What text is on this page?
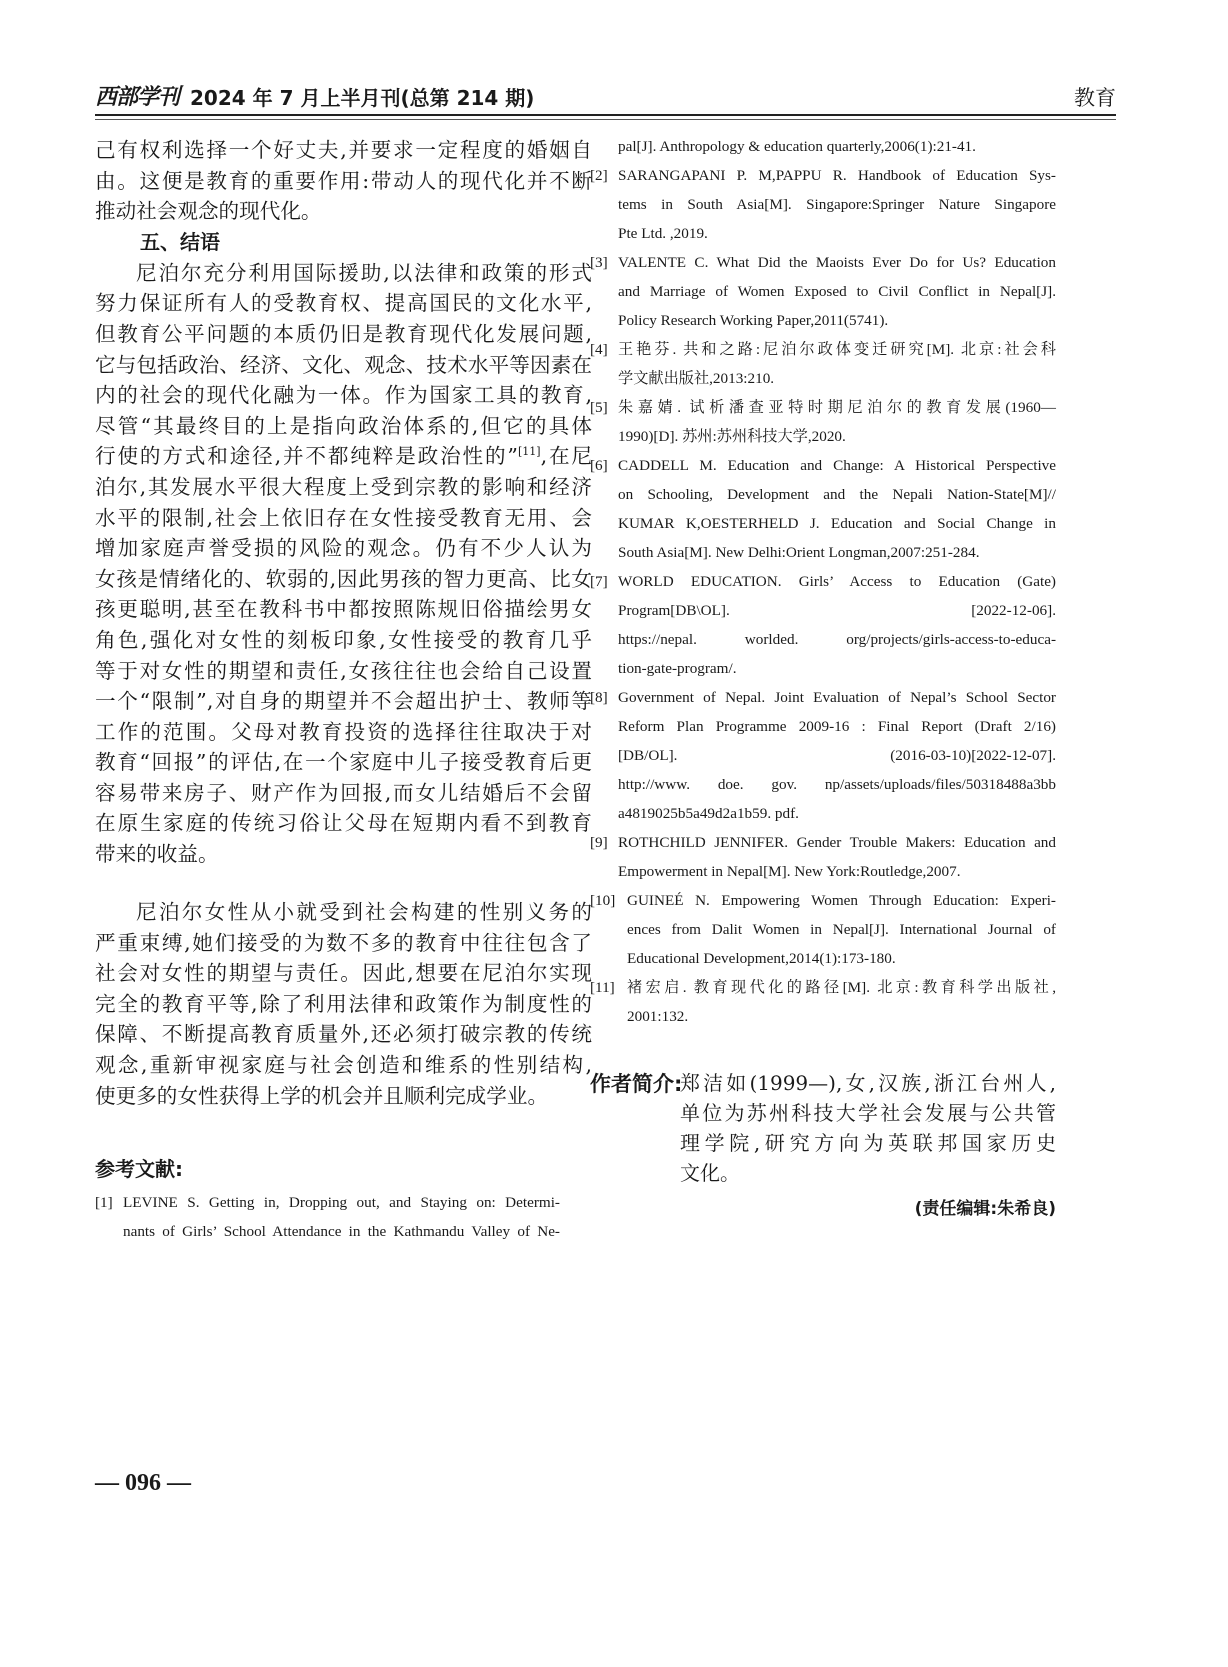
西部学刊 2024 年 7 月上半月刊(总第 214 期)	教育
己有权利选择一个好丈夫,并要求一定程度的婚姻自
由。这便是教育的重要作用:带动人的现代化并不断
推动社会观念的现代化。
五、结语
尼泊尔充分利用国际援助,以法律和政策的形式
努力保证所有人的受教育权、提高国民的文化水平,
但教育公平问题的本质仍旧是教育现代化发展问题,
它与包括政治、经济、文化、观念、技术水平等因素在
内的社会的现代化融为一体。作为国家工具的教育,
尽管“其最终目的上是指向政治体系的,但它的具体
行使的方式和途径,并不都纯粹是政治性的”[11],在尼
泊尔,其发展水平很大程度上受到宗教的影响和经济
水平的限制,社会上依旧存在女性接受教育无用、会
增加家庭声誉受损的风险的观念。仍有不少人认为
女孩是情绪化的、软弱的,因此男孩的智力更高、比女
孩更聪明,甚至在教科书中都按照陈规旧俗描绘男女
角色,强化对女性的刻板印象,女性接受的教育几乎
等于对女性的期望和责任,女孩往往也会给自己设置
一个“限制”,对自身的期望并不会超出护士、教师等
工作的范围。父母对教育投资的选择往往取决于对
教育“回报”的评估,在一个家庭中儿子接受教育后更
容易带来房子、财产作为回报,而女儿结婚后不会留
在原生家庭的传统习俗让父母在短期内看不到教育
带来的收益。
尼泊尔女性从小就受到社会构建的性别义务的
严重束缚,她们接受的为数不多的教育中往往包含了
社会对女性的期望与责任。因此,想要在尼泊尔实现
完全的教育平等,除了利用法律和政策作为制度性的
保障、不断提高教育质量外,还必须打破宗教的传统
观念,重新审视家庭与社会创造和维系的性别结构,
使更多的女性获得上学的机会并且顺利完成学业。
参考文献:
[1] LEVINE S. Getting in, Dropping out, and Staying on: Determi-
nants of Girls’ School Attendance in the Kathmandu Valley of Ne-
pal[J]. Anthropology & education quarterly,2006(1):21-41.
[2] SARANGAPANI P. M,PAPPU R. Handbook of Education Sys-
tems in South Asia[M]. Singapore:Springer Nature Singapore
Pte Ltd. ,2019.
[3] VALENTE C. What Did the Maoists Ever Do for Us? Education
and Marriage of Women Exposed to Civil Conflict in Nepal[J].
Policy Research Working Paper,2011(5741).
[4] 王艳芬. 共和之路:尼泊尔政体变迁研究[M]. 北京:社会科
学文献出版社,2013:210.
[5] 朱嘉婧. 试析潘查亚特时期尼泊尔的教育发展(1960—
1990)[D]. 苏州:苏州科技大学,2020.
[6] CADDELL M. Education and Change: A Historical Perspective
on Schooling, Development and the Nepali Nation-State[M]//
KUMAR K,OESTERHELD J. Education and Social Change in
South Asia[M]. New Delhi:Orient Longman,2007:251-284.
[7] WORLD EDUCATION. Girls’ Access to Education (Gate)
Program[DB\OL]. [2022-12-06].
https://nepal. worlded. org/projects/girls-access-to-educa-
tion-gate-program/.
[8] Government of Nepal. Joint Evaluation of Nepal’s School Sector
Reform Plan Programme 2009-16 : Final Report (Draft 2/16)
[DB/OL]. (2016-03-10)[2022-12-07].
http://www. doe. gov. np/assets/uploads/files/50318488a3bb
a4819025b5a49d2a1b59. pdf.
[9] ROTHCHILD JENNIFER. Gender Trouble Makers: Education and
Empowerment in Nepal[M]. New York:Routledge,2007.
[10] GUINEÉ N. Empowering Women Through Education: Experi-
ences from Dalit Women in Nepal[J]. International Journal of
Educational Development,2014(1):173-180.
[11] 褚宏启. 教育现代化的路径[M]. 北京:教育科学出版社,
2001:132.
作者简介:
郑洁如(1999—),女,汉族,浙江台州人,
单位为苏州科技大学社会发展与公共管
理学院,研究方向为英联邦国家历史
文化。
(责任编辑:朱希良)
— 096 —
